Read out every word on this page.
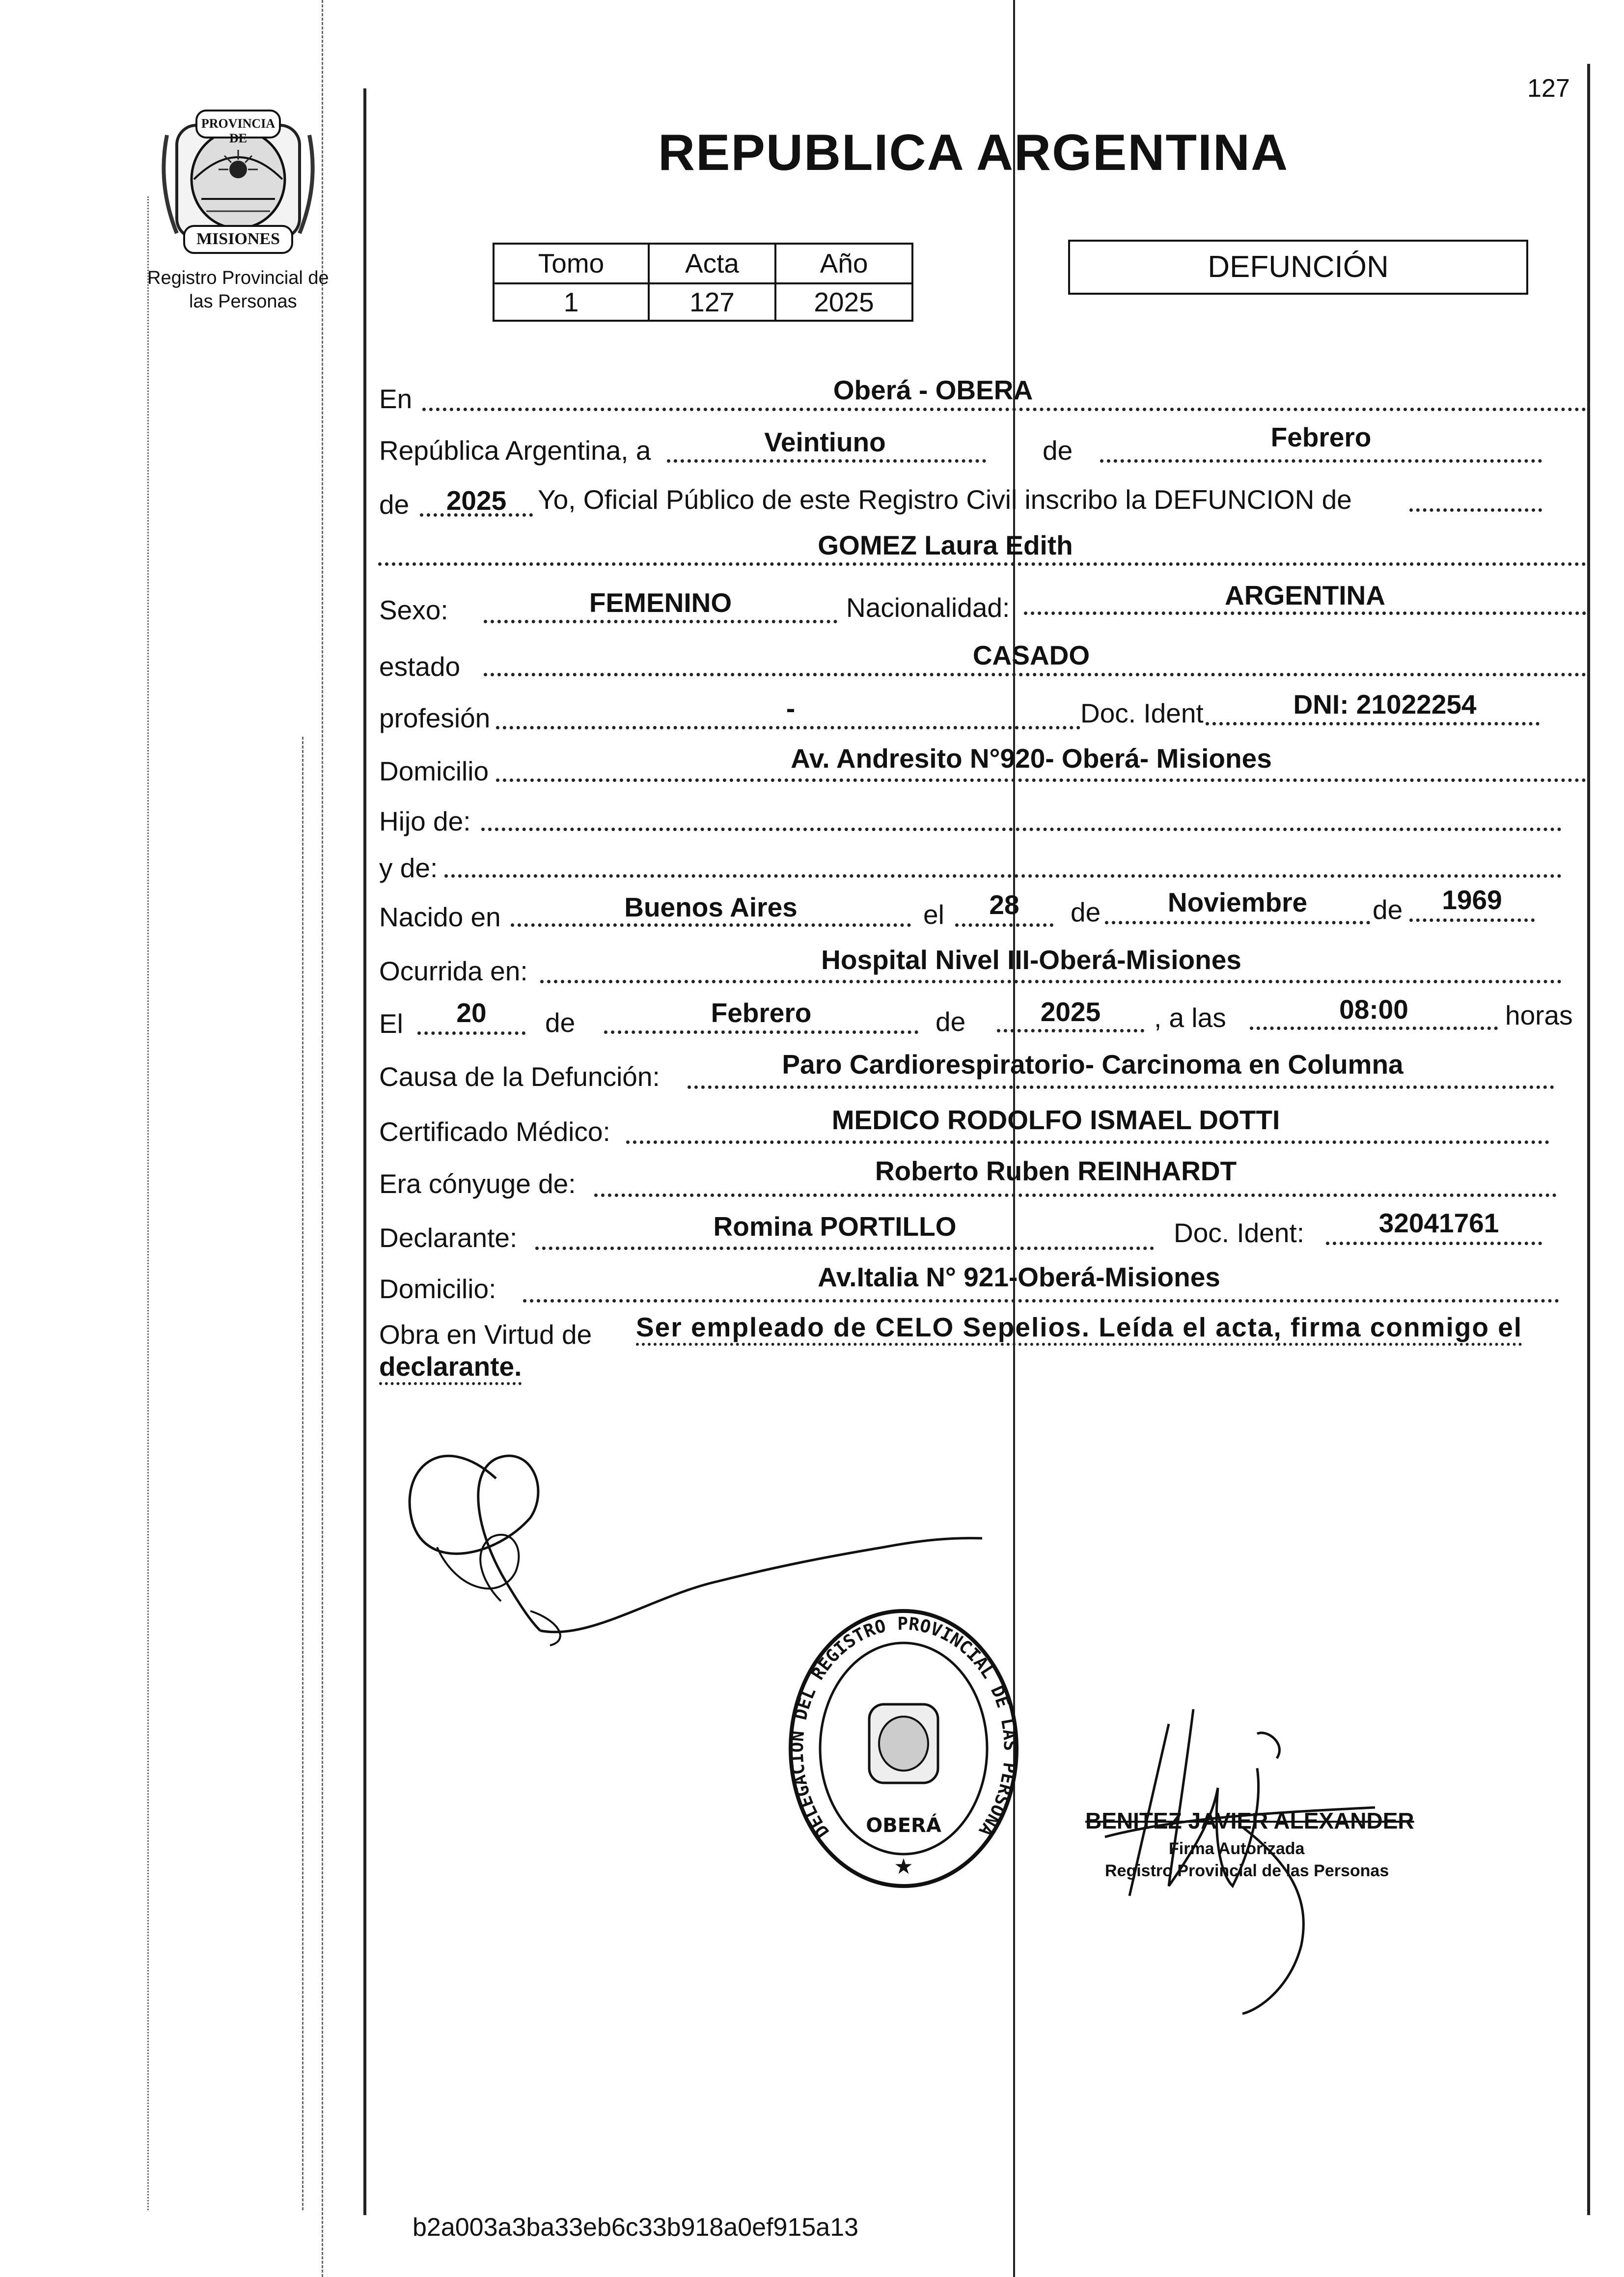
127
PROVINCIA DE
MISIONES
Registro Provincial de
las Personas
REPUBLICA ARGENTINA
Tomo	Acta	Año
1	127	2025
DEFUNCIÓN
En	Oberá - OBERA
República Argentina, a	Veintiuno	de	Febrero
de	2025	Yo, Oficial Público de este Registro Civil inscribo la DEFUNCION de
GOMEZ Laura Edith
Sexo:	FEMENINO	Nacionalidad:	ARGENTINA
estado	CASADO
profesión	-	Doc. Ident	DNI: 21022254
Domicilio	Av. Andresito N°920- Oberá- Misiones
Hijo de:
y de:
Nacido en	Buenos Aires	el	28	de	Noviembre	de	1969
Ocurrida en:	Hospital Nivel III-Oberá-Misiones
El	20	de	Febrero	de	2025	, a las	08:00	horas
Causa de la Defunción:	Paro Cardiorespiratorio- Carcinoma en Columna
Certificado Médico:	MEDICO RODOLFO ISMAEL DOTTI
Era cónyuge de:	Roberto Ruben REINHARDT
Declarante:	Romina PORTILLO	Doc. Ident:	32041761
Domicilio:	Av.Italia N° 921-Oberá-Misiones
Obra en Virtud de Ser empleado de CELO Sepelios. Leída el acta, firma conmigo el
declarante.
DELEGACION DEL REGISTRO PROVINCIAL DE LAS PERSONA
OBERÁ
★
BENITEZ JAVIER ALEXANDER
Firma Autorizada
Registro Provincial de las Personas
b2a003a3ba33eb6c33b918a0ef915a13
